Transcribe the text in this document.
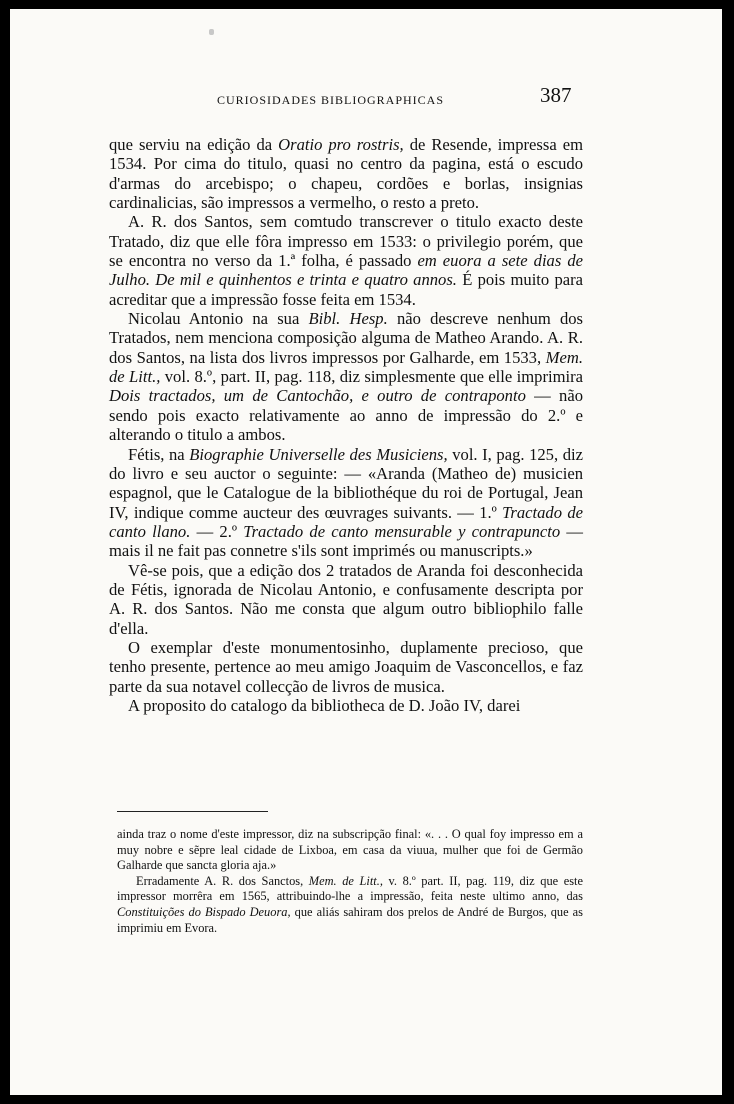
CURIOSIDADES BIBLIOGRAPHICAS	387

que serviu na edição da Oratio pro rostris, de Resende, impressa em 1534. Por cima do titulo, quasi no centro da pagina, está o escudo d'armas do arcebispo; o chapeu, cordões e borlas, insignias cardinalicias, são impressos a vermelho, o resto a preto.

A. R. dos Santos, sem comtudo transcrever o titulo exacto deste Tratado, diz que elle fôra impresso em 1533: o privilegio porém, que se encontra no verso da 1.ª folha, é passado em euora a sete dias de Julho. De mil e quinhentos e trinta e quatro annos. É pois muito para acreditar que a impressão fosse feita em 1534.

Nicolau Antonio na sua Bibl. Hesp. não descreve nenhum dos Tratados, nem menciona composição alguma de Matheo Arando. A. R. dos Santos, na lista dos livros impressos por Galharde, em 1533, Mem. de Litt., vol. 8.º, part. II, pag. 118, diz simplesmente que elle imprimira Dois tractados, um de Cantochão, e outro de contraponto — não sendo pois exacto relativamente ao anno de impressão do 2.º e alterando o titulo a ambos.

Fétis, na Biographie Universelle des Musiciens, vol. I, pag. 125, diz do livro e seu auctor o seguinte: — «Aranda (Matheo de) musicien espagnol, que le Catalogue de la bibliothéque du roi de Portugal, Jean IV, indique comme aucteur des œuvrages suivants. — 1.º Tractado de canto llano. — 2.º Tractado de canto mensurable y contrapuncto — mais il ne fait pas connetre s'ils sont imprimés ou manuscripts.»

Vê-se pois, que a edição dos 2 tratados de Aranda foi desconhecida de Fétis, ignorada de Nicolau Antonio, e confusamente descripta por A. R. dos Santos. Não me consta que algum outro bibliophilo falle d'ella.

O exemplar d'este monumentosinho, duplamente precioso, que tenho presente, pertence ao meu amigo Joaquim de Vasconcellos, e faz parte da sua notavel collecção de livros de musica.

A proposito do catalogo da bibliotheca de D. João IV, darei

ainda traz o nome d'este impressor, diz na subscripção final: «. . . O qual foy impresso em a muy nobre e sẽpre leal cidade de Lixboa, em casa da viuua, mulher que foi de Germão Galharde que sancta gloria aja.»

Erradamente A. R. dos Sanctos, Mem. de Litt., v. 8.º part. II, pag. 119, diz que este impressor morrêra em 1565, attribuindo-lhe a impressão, feita neste ultimo anno, das Constituições do Bispado Deuora, que aliás sahiram dos prelos de André de Burgos, que as imprimiu em Evora.
